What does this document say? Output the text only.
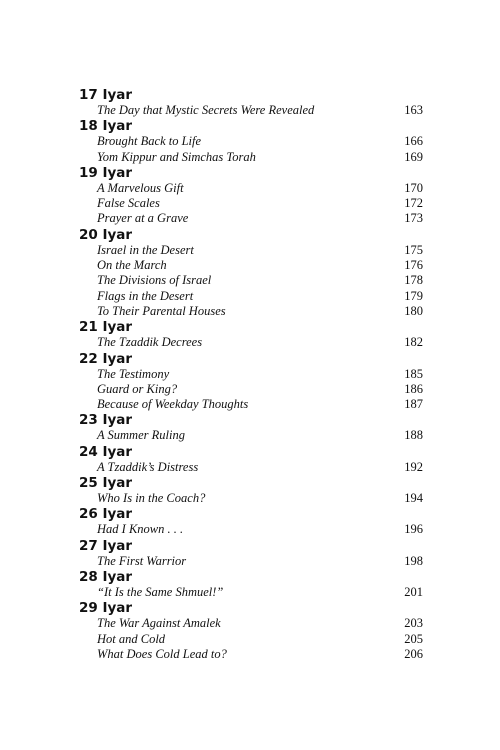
17 Iyar
The Day that Mystic Secrets Were Revealed	163
18 Iyar
Brought Back to Life	166
Yom Kippur and Simchas Torah	169
19 Iyar
A Marvelous Gift	170
False Scales	172
Prayer at a Grave	173
20 Iyar
Israel in the Desert	175
On the March	176
The Divisions of Israel	178
Flags in the Desert	179
To Their Parental Houses	180
21 Iyar
The Tzaddik Decrees	182
22 Iyar
The Testimony	185
Guard or King?	186
Because of Weekday Thoughts	187
23 Iyar
A Summer Ruling	188
24 Iyar
A Tzaddik’s Distress	192
25 Iyar
Who Is in the Coach?	194
26 Iyar
Had I Known . . .	196
27 Iyar
The First Warrior	198
28 Iyar
“It Is the Same Shmuel!”	201
29 Iyar
The War Against Amalek	203
Hot and Cold	205
What Does Cold Lead to?	206
